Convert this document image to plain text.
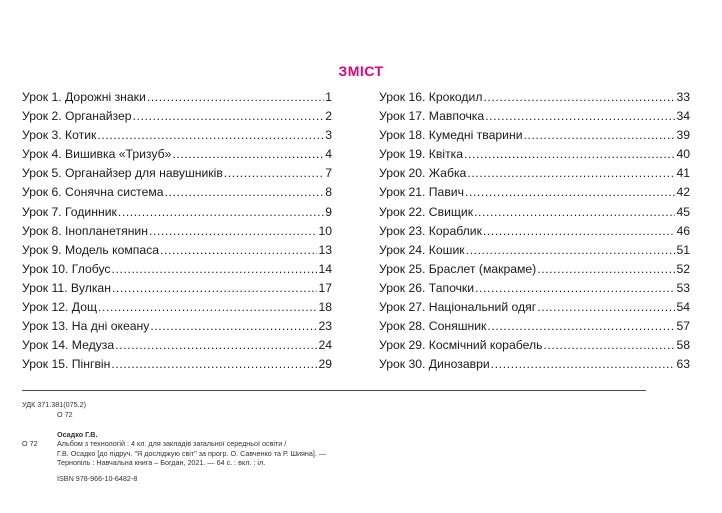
ЗМІСТ
Урок 1. Дорожні знаки .....	1
Урок 2. Органайзер .....	2
Урок 3. Котик .....	3
Урок 4. Вишивка «Тризуб» .....	4
Урок 5. Органайзер для навушників .....	7
Урок 6. Сонячна система .....	8
Урок 7. Годинник .....	9
Урок 8. Інопланетянин .....	10
Урок 9. Модель компаса .....	13
Урок 10. Глобус .....	14
Урок 11. Вулкан .....	17
Урок 12. Дощ .....	18
Урок 13. На дні океану .....	23
Урок 14. Медуза .....	24
Урок 15. Пінгвін .....	29
Урок 16. Крокодил .....	33
Урок 17. Мавпочка .....	34
Урок 18. Кумедні тварини .....	39
Урок 19. Квітка .....	40
Урок 20. Жабка .....	41
Урок 21. Павич .....	42
Урок 22. Свищик .....	45
Урок 23. Кораблик .....	46
Урок 24. Кошик .....	51
Урок 25. Браслет (макраме) .....	52
Урок 26. Тапочки .....	53
Урок 27. Національний одяг .....	54
Урок 28. Соняшник .....	57
Урок 29. Космічний корабель .....	58
Урок 30. Динозаври .....	63
УДК 371.381(075.2)
О 72
Осадко Г.В.
О 72	Альбом з технологій : 4 кл. для закладів загальної середньої освіти /
Г.В. Осадко [до підруч. "Я досліджую світ" за прогр. О. Савченко та Р. Шияна]. —
Тернопіль : Навчальна книга – Богдан, 2021. — 64 с. : вкл. : іл.
ISBN 978-966-10-6482-8
